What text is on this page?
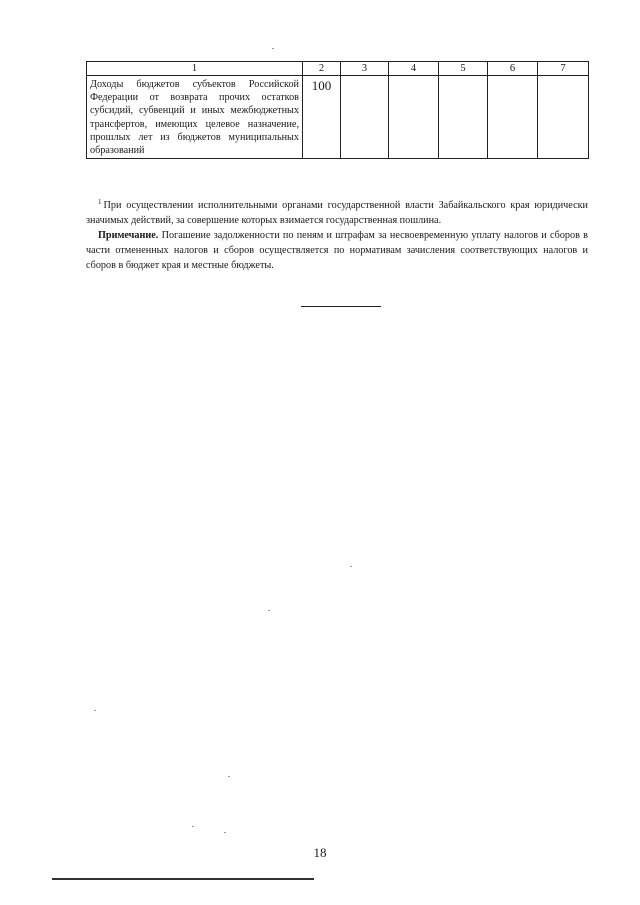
1	2	3	4	5	6	7
Доходы бюджетов субъектов Российской Федерации от возврата прочих остатков субсидий, субвенций и иных межбюджетных трансфертов, имеющих целевое назначение, прошлых лет из бюджетов муниципальных образований	100					
$^1$ При осуществлении исполнительными органами государственной власти Забайкальского края юридически значимых действий, за совершение которых взимается государственная пошлина.
Примечание. Погашение задолженности по пеням и штрафам за несвоевременную уплату налогов и сборов в части отмененных налогов и сборов осуществляется по нормативам зачисления соответствующих налогов и сборов в бюджет края и местные бюджеты.
18
